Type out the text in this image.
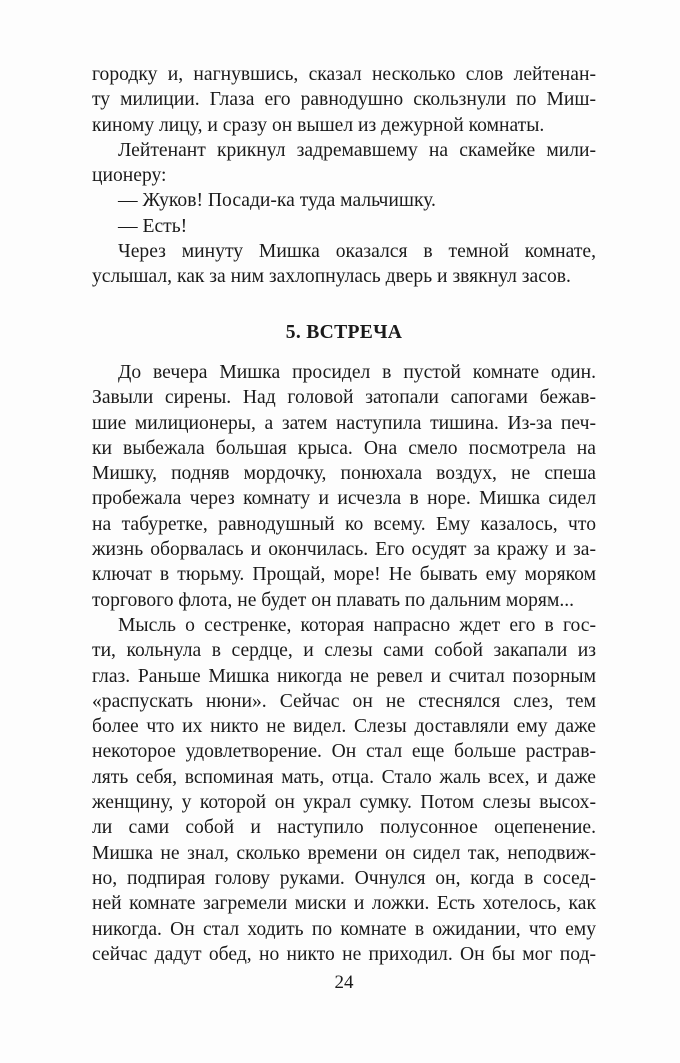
городку и, нагнувшись, сказал несколько слов лейтенан-
ту милиции. Глаза его равнодушно скользнули по Миш-
киному лицу, и сразу он вышел из дежурной комнаты.
Лейтенант крикнул задремавшему на скамейке мили-
ционеру:
— Жуков! Посади-ка туда мальчишку.
— Есть!
Через минуту Мишка оказался в темной комнате,
услышал, как за ним захлопнулась дверь и звякнул засов.
5. ВСТРЕЧА
До вечера Мишка просидел в пустой комнате один.
Завыли сирены. Над головой затопали сапогами бежав-
шие милиционеры, а затем наступила тишина. Из-за печ-
ки выбежала большая крыса. Она смело посмотрела на
Мишку, подняв мордочку, понюхала воздух, не спеша
пробежала через комнату и исчезла в норе. Мишка сидел
на табуретке, равнодушный ко всему. Ему казалось, что
жизнь оборвалась и окончилась. Его осудят за кражу и за-
ключат в тюрьму. Прощай, море! Не бывать ему моряком
торгового флота, не будет он плавать по дальним морям...
Мысль о сестренке, которая напрасно ждет его в гос-
ти, кольнула в сердце, и слезы сами собой закапали из
глаз. Раньше Мишка никогда не ревел и считал позорным
«распускать нюни». Сейчас он не стеснялся слез, тем
более что их никто не видел. Слезы доставляли ему даже
некоторое удовлетворение. Он стал еще больше растрав-
лять себя, вспоминая мать, отца. Стало жаль всех, и даже
женщину, у которой он украл сумку. Потом слезы высох-
ли сами собой и наступило полусонное оцепенение.
Мишка не знал, сколько времени он сидел так, неподвиж-
но, подпирая голову руками. Очнулся он, когда в сосед-
ней комнате загремели миски и ложки. Есть хотелось, как
никогда. Он стал ходить по комнате в ожидании, что ему
сейчас дадут обед, но никто не приходил. Он бы мог под-
24
